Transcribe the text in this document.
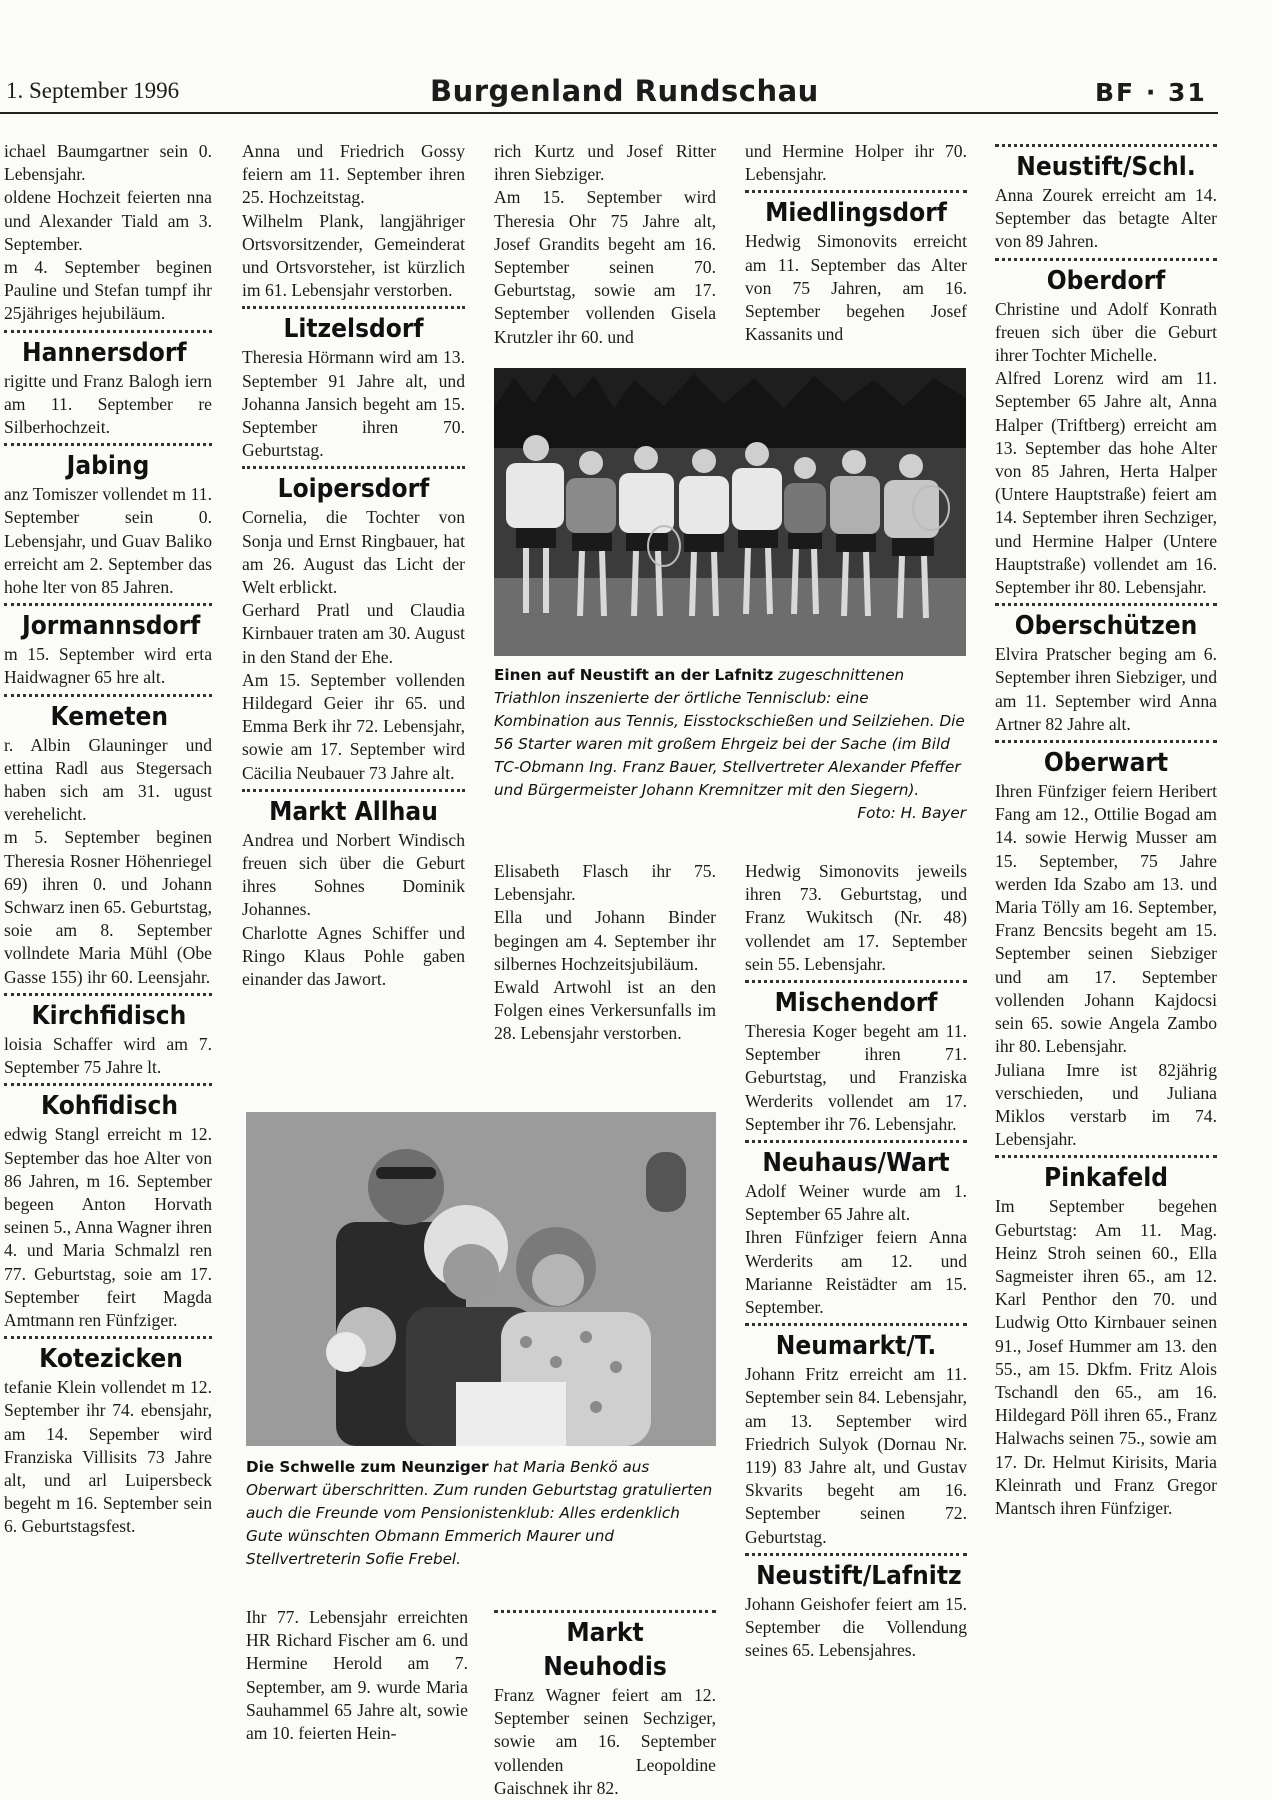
1. September 1996	Burgenland Rundschau	BF · 31

ichael Baumgartner sein 0. Lebensjahr.

oldene Hochzeit feierten nna und Alexander Tiald am 3. September.

m 4. September beginen Pauline und Stefan tumpf ihr 25jähriges hejubiläum.

Hannersdorf

rigitte und Franz Balogh iern am 11. September re Silberhochzeit.

Jabing

anz Tomiszer vollendet m 11. September sein 0. Lebensjahr, und Guav Baliko erreicht am 2. September das hohe lter von 85 Jahren.

Jormannsdorf

m 15. September wird erta Haidwagner 65 hre alt.

Kemeten

r. Albin Glauninger und ettina Radl aus Stegersach haben sich am 31. ugust verehelicht.

m 5. September beginen Theresia Rosner Höhenriegel 69) ihren 0. und Johann Schwarz inen 65. Geburtstag, soie am 8. September vollndete Maria Mühl (Obe Gasse 155) ihr 60. Leensjahr.

Kirchfidisch

loisia Schaffer wird am 7. September 75 Jahre lt.

Kohfidisch

edwig Stangl erreicht m 12. September das hoe Alter von 86 Jahren, m 16. September begeen Anton Horvath seinen 5., Anna Wagner ihren 4. und Maria Schmalzl ren 77. Geburtstag, soie am 17. September feirt Magda Amtmann ren Fünfziger.

Kotezicken

tefanie Klein vollendet m 12. September ihr 74. ebensjahr, am 14. Sepember wird Franziska Villisits 73 Jahre alt, und arl Luipersbeck begeht m 16. September sein 6. Geburtstagsfest.

Anna und Friedrich Gossy feiern am 11. September ihren 25. Hochzeitstag.

Wilhelm Plank, langjähriger Ortsvorsitzender, Gemeinderat und Ortsvorsteher, ist kürzlich im 61. Lebensjahr verstorben.

Litzelsdorf

Theresia Hörmann wird am 13. September 91 Jahre alt, und Johanna Jansich begeht am 15. September ihren 70. Geburtstag.

Loipersdorf

Cornelia, die Tochter von Sonja und Ernst Ringbauer, hat am 26. August das Licht der Welt erblickt.

Gerhard Pratl und Claudia Kirnbauer traten am 30. August in den Stand der Ehe.

Am 15. September vollenden Hildegard Geier ihr 65. und Emma Berk ihr 72. Lebensjahr, sowie am 17. September wird Cäcilia Neubauer 73 Jahre alt.

Markt Allhau

Andrea und Norbert Windisch freuen sich über die Geburt ihres Sohnes Dominik Johannes.

Charlotte Agnes Schiffer und Ringo Klaus Pohle gaben einander das Jawort.

rich Kurtz und Josef Ritter ihren Siebziger.

Am 15. September wird Theresia Ohr 75 Jahre alt, Josef Grandits begeht am 16. September seinen 70. Geburtstag, sowie am 17. September vollenden Gisela Krutzler ihr 60. und

und Hermine Holper ihr 70. Lebensjahr.

Miedlingsdorf

Hedwig Simonovits erreicht am 11. September das Alter von 75 Jahren, am 16. September begehen Josef Kassanits und

Einen auf Neustift an der Lafnitz zugeschnittenen Triathlon inszenierte der örtliche Tennisclub: eine Kombination aus Tennis, Eisstockschießen und Seilziehen. Die 56 Starter waren mit großem Ehrgeiz bei der Sache (im Bild TC-Obmann Ing. Franz Bauer, Stellvertreter Alexander Pfeffer und Bürgermeister Johann Kremnitzer mit den Siegern).
Foto: H. Bayer

Elisabeth Flasch ihr 75. Lebensjahr.

Ella und Johann Binder begingen am 4. September ihr silbernes Hochzeitsjubiläum.

Ewald Artwohl ist an den Folgen eines Verkersunfalls im 28. Lebensjahr verstorben.

Hedwig Simonovits jeweils ihren 73. Geburtstag, und Franz Wukitsch (Nr. 48) vollendet am 17. September sein 55. Lebensjahr.

Mischendorf

Theresia Koger begeht am 11. September ihren 71. Geburtstag, und Franziska Werderits vollendet am 17. September ihr 76. Lebensjahr.

Neuhaus/Wart

Adolf Weiner wurde am 1. September 65 Jahre alt.

Ihren Fünfziger feiern Anna Werderits am 12. und Marianne Reistädter am 15. September.

Neumarkt/T.

Johann Fritz erreicht am 11. September sein 84. Lebensjahr, am 13. September wird Friedrich Sulyok (Dornau Nr. 119) 83 Jahre alt, und Gustav Skvarits begeht am 16. September seinen 72. Geburtstag.

Neustift/Lafnitz

Johann Geishofer feiert am 15. September die Vollendung seines 65. Lebensjahres.

Die Schwelle zum Neunziger hat Maria Benkö aus Oberwart überschritten. Zum runden Geburtstag gratulierten auch die Freunde vom Pensionistenklub: Alles erdenklich Gute wünschten Obmann Emmerich Maurer und Stellvertreterin Sofie Frebel.

Ihr 77. Lebensjahr erreichten HR Richard Fischer am 6. und Hermine Herold am 7. September, am 9. wurde Maria Sauhammel 65 Jahre alt, sowie am 10. feierten Hein-

Markt Neuhodis

Franz Wagner feiert am 12. September seinen Sechziger, sowie am 16. September vollenden Leopoldine Gaischnek ihr 82.

Neustift/Schl.

Anna Zourek erreicht am 14. September das betagte Alter von 89 Jahren.

Oberdorf

Christine und Adolf Konrath freuen sich über die Geburt ihrer Tochter Michelle.

Alfred Lorenz wird am 11. September 65 Jahre alt, Anna Halper (Triftberg) erreicht am 13. September das hohe Alter von 85 Jahren, Herta Halper (Untere Hauptstraße) feiert am 14. September ihren Sechziger, und Hermine Halper (Untere Hauptstraße) vollendet am 16. September ihr 80. Lebensjahr.

Oberschützen

Elvira Pratscher beging am 6. September ihren Siebziger, und am 11. September wird Anna Artner 82 Jahre alt.

Oberwart

Ihren Fünfziger feiern Heribert Fang am 12., Ottilie Bogad am 14. sowie Herwig Musser am 15. September, 75 Jahre werden Ida Szabo am 13. und Maria Tölly am 16. September, Franz Bencsits begeht am 15. September seinen Siebziger und am 17. September vollenden Johann Kajdocsi sein 65. sowie Angela Zambo ihr 80. Lebensjahr.

Juliana Imre ist 82jährig verschieden, und Juliana Miklos verstarb im 74. Lebensjahr.

Pinkafeld

Im September begehen Geburtstag: Am 11. Mag. Heinz Stroh seinen 60., Ella Sagmeister ihren 65., am 12. Karl Penthor den 70. und Ludwig Otto Kirnbauer seinen 91., Josef Hummer am 13. den 55., am 15. Dkfm. Fritz Alois Tschandl den 65., am 16. Hildegard Pöll ihren 65., Franz Halwachs seinen 75., sowie am 17. Dr. Helmut Kirisits, Maria Kleinrath und Franz Gregor Mantsch ihren Fünfziger.
